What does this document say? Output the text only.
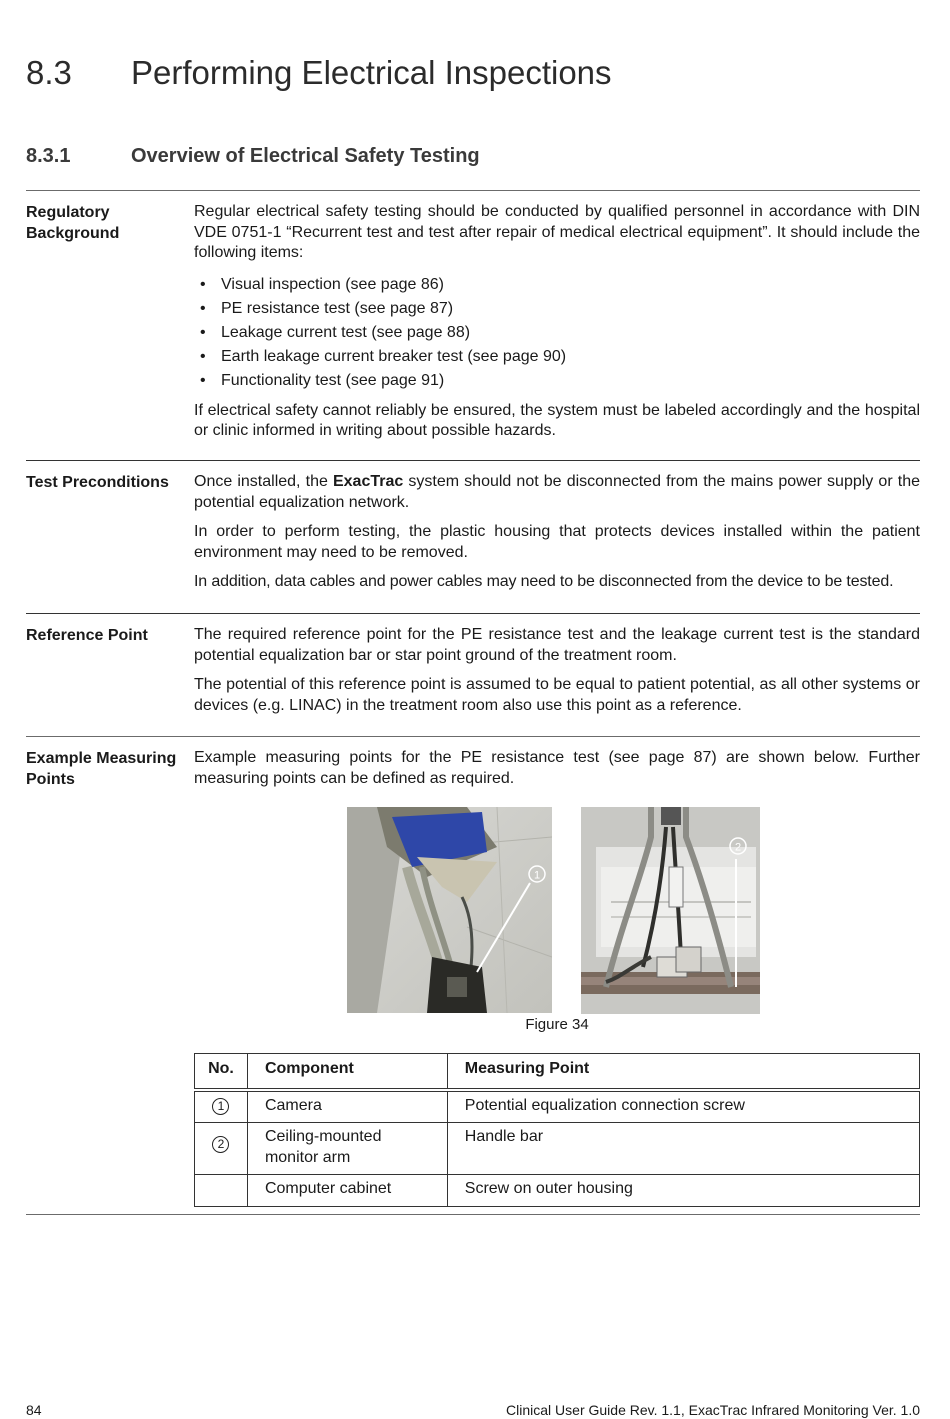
8.3 Performing Electrical Inspections
8.3.1	Overview of Electrical Safety Testing
Regulatory
Background

Regular electrical safety testing should be conducted by qualified personnel in accordance with DIN VDE 0751-1 “Recurrent test and test after repair of medical electrical equipment”. It should include the following items:

• Visual inspection (see page 86)
• PE resistance test (see page 87)
• Leakage current test (see page 88)
• Earth leakage current breaker test (see page 90)
• Functionality test (see page 91)

If electrical safety cannot reliably be ensured, the system must be labeled accordingly and the hospital or clinic informed in writing about possible hazards.

Test Preconditions	Once installed, the ExacTrac system should not be disconnected from the mains power supply or the potential equalization network.

In order to perform testing, the plastic housing that protects devices installed within the patient environment may need to be removed.

In addition, data cables and power cables may need to be disconnected from the device to be tested.

Reference Point	The required reference point for the PE resistance test and the leakage current test is the standard potential equalization bar or star point ground of the treatment room.

The potential of this reference point is assumed to be equal to patient potential, as all other systems or devices (e.g. LINAC) in the treatment room also use this point as a reference.

Example Measuring
Points

Example measuring points for the PE resistance test (see page 87) are shown below. Further measuring points can be defined as required.

1
2
Figure 34
No.	Component	Measuring Point
1	Camera	Potential equalization connection screw
2	Ceiling-mounted monitor arm	Handle bar
	Computer cabinet	Screw on outer housing
84	Clinical User Guide Rev. 1.1, ExacTrac Infrared Monitoring Ver. 1.0
